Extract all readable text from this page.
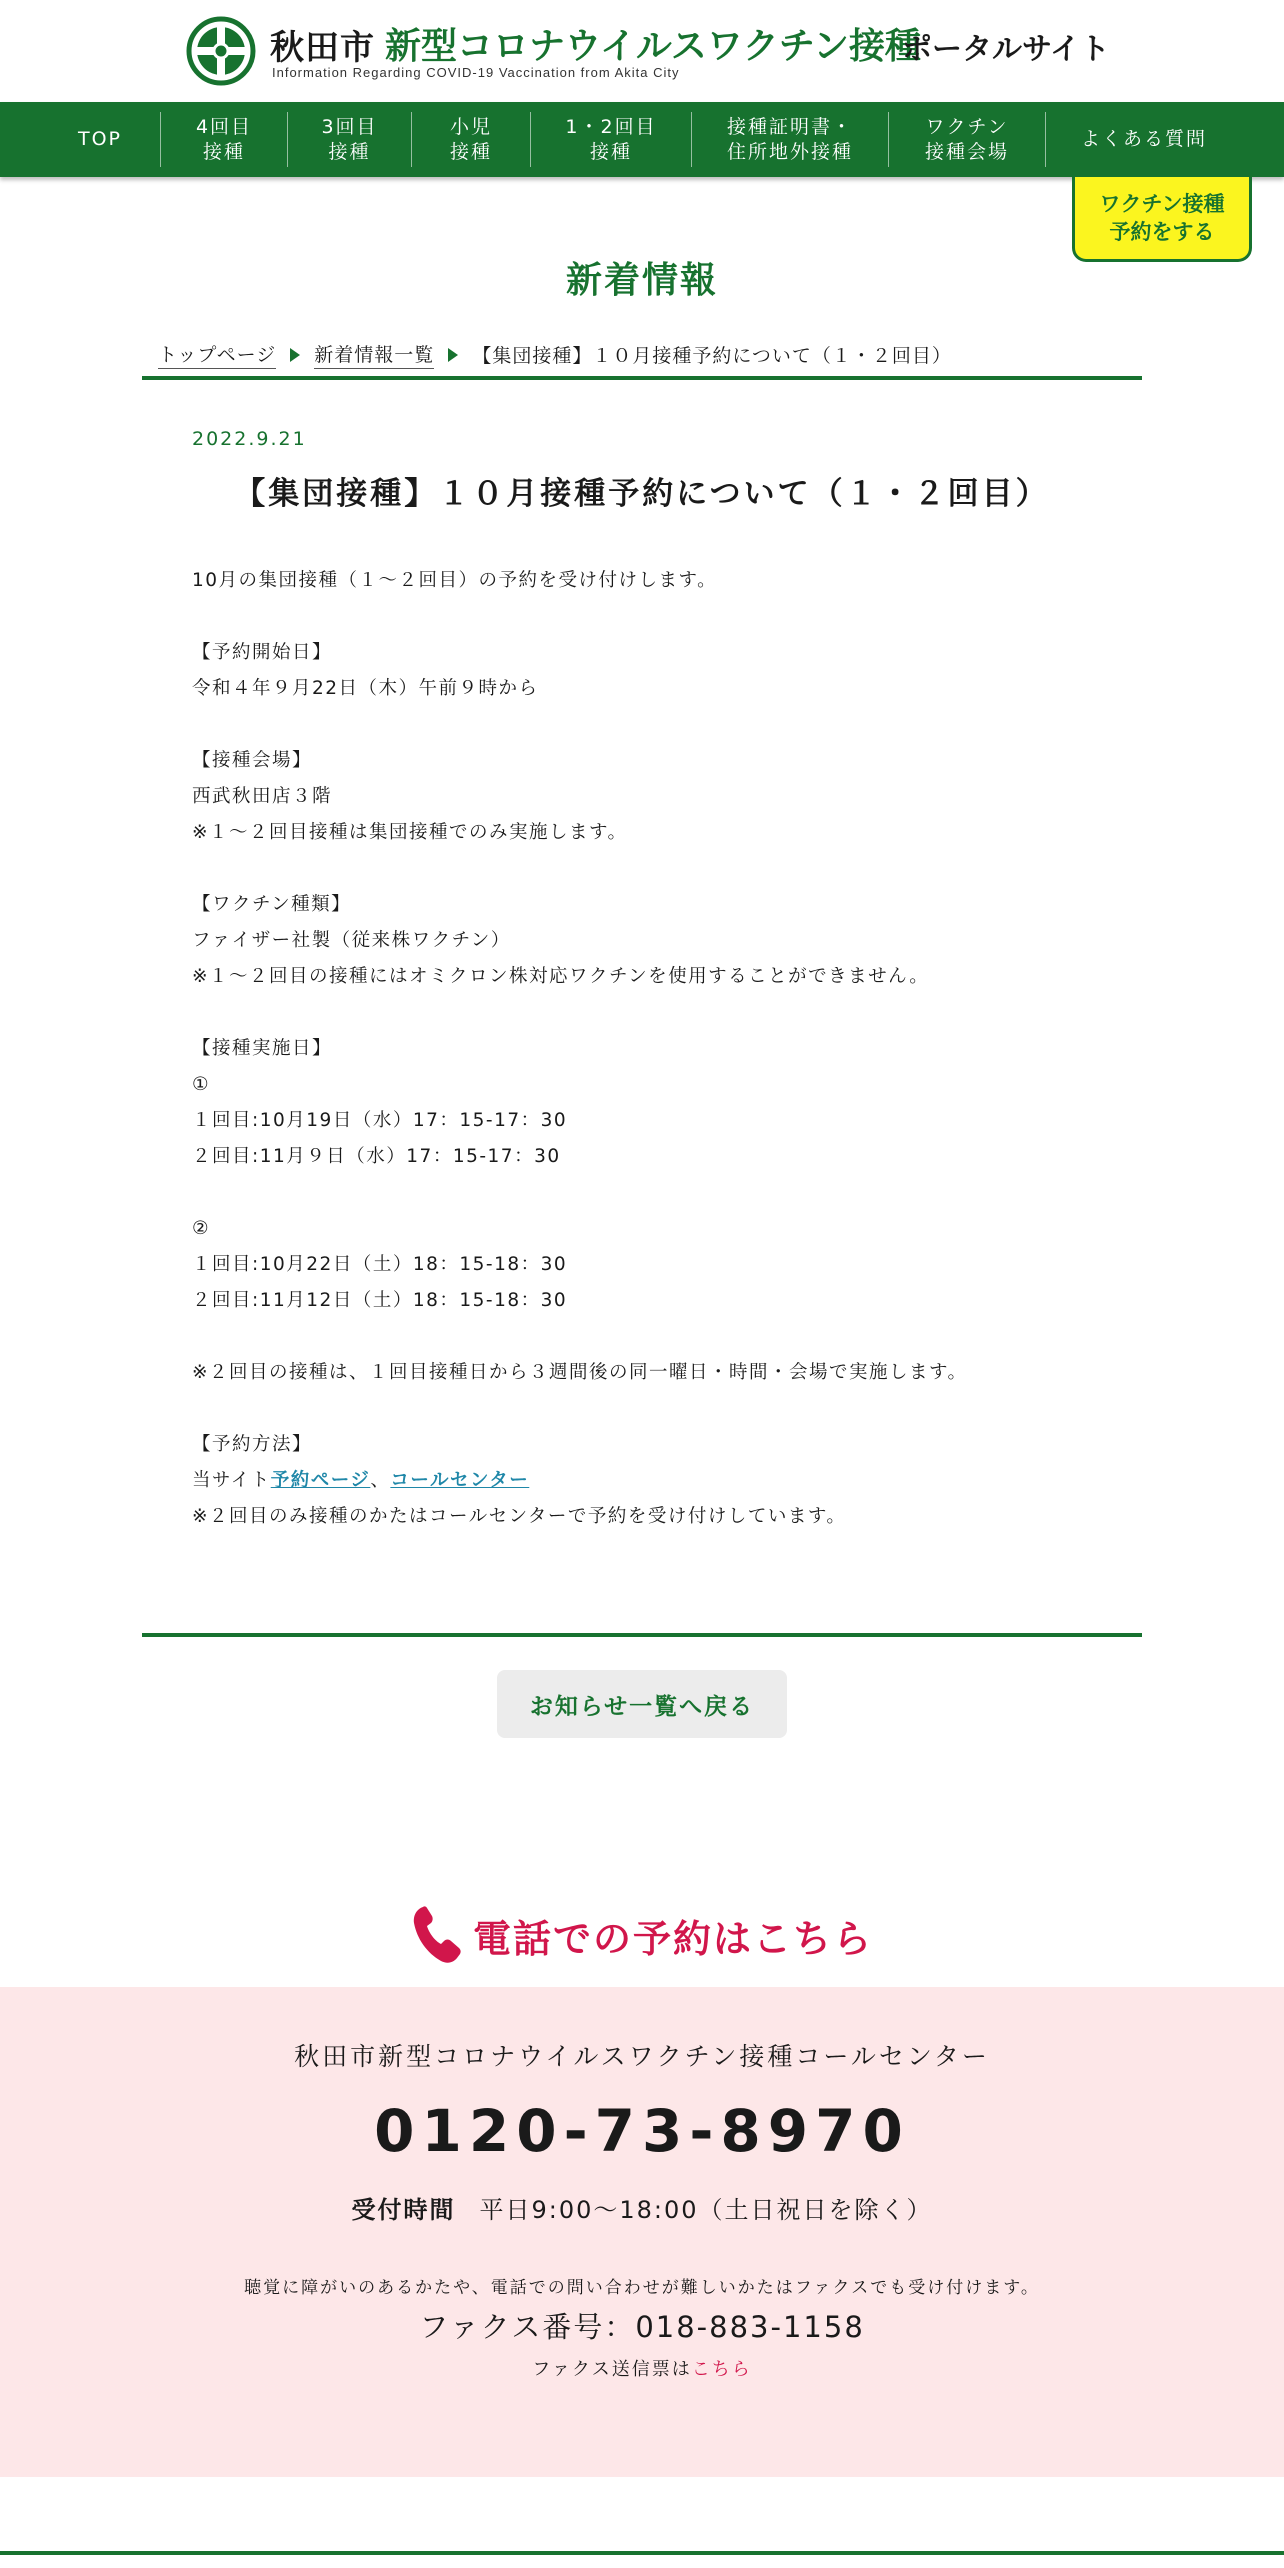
秋田市 新型コロナウイルスワクチン接種
ポータルサイト
Information Regarding COVID-19 Vaccination from Akita City
TOP
4回目
接種
3回目
接種
小児
接種
1・2回目
接種
接種証明書・
住所地外接種
ワクチン
接種会場
よくある質問
ワクチン接種
予約をする
新着情報
トップページ 新着情報一覧 【集団接種】１０月接種予約について（１・２回目）
2022.9.21
【集団接種】１０月接種予約について（１・２回目）
10月の集団接種（１～２回目）の予約を受け付けします。
【予約開始日】
令和４年９月22日（木）午前９時から
【接種会場】
西武秋田店３階
※１～２回目接種は集団接種でのみ実施します。
【ワクチン種類】
ファイザー社製（従来株ワクチン）
※１～２回目の接種にはオミクロン株対応ワクチンを使用することができません。
【接種実施日】
①
１回目:10月19日（水）17：15-17：30
２回目:11月９日（水）17：15-17：30
②
１回目:10月22日（土）18：15-18：30
２回目:11月12日（土）18：15-18：30
※２回目の接種は、１回目接種日から３週間後の同一曜日・時間・会場で実施します。
【予約方法】
当サイト予約ページ、コールセンター
※２回目のみ接種のかたはコールセンターで予約を受け付けしています。
お知らせ一覧へ戻る
電話での予約はこちら
秋田市新型コロナウイルスワクチン接種コールセンター
0120-73-8970
受付時間 平日9:00～18:00（土日祝日を除く）
聴覚に障がいのあるかたや、電話での問い合わせが難しいかたはファクスでも受け付けます。
ファクス番号：018-883-1158
ファクス送信票はこちら
